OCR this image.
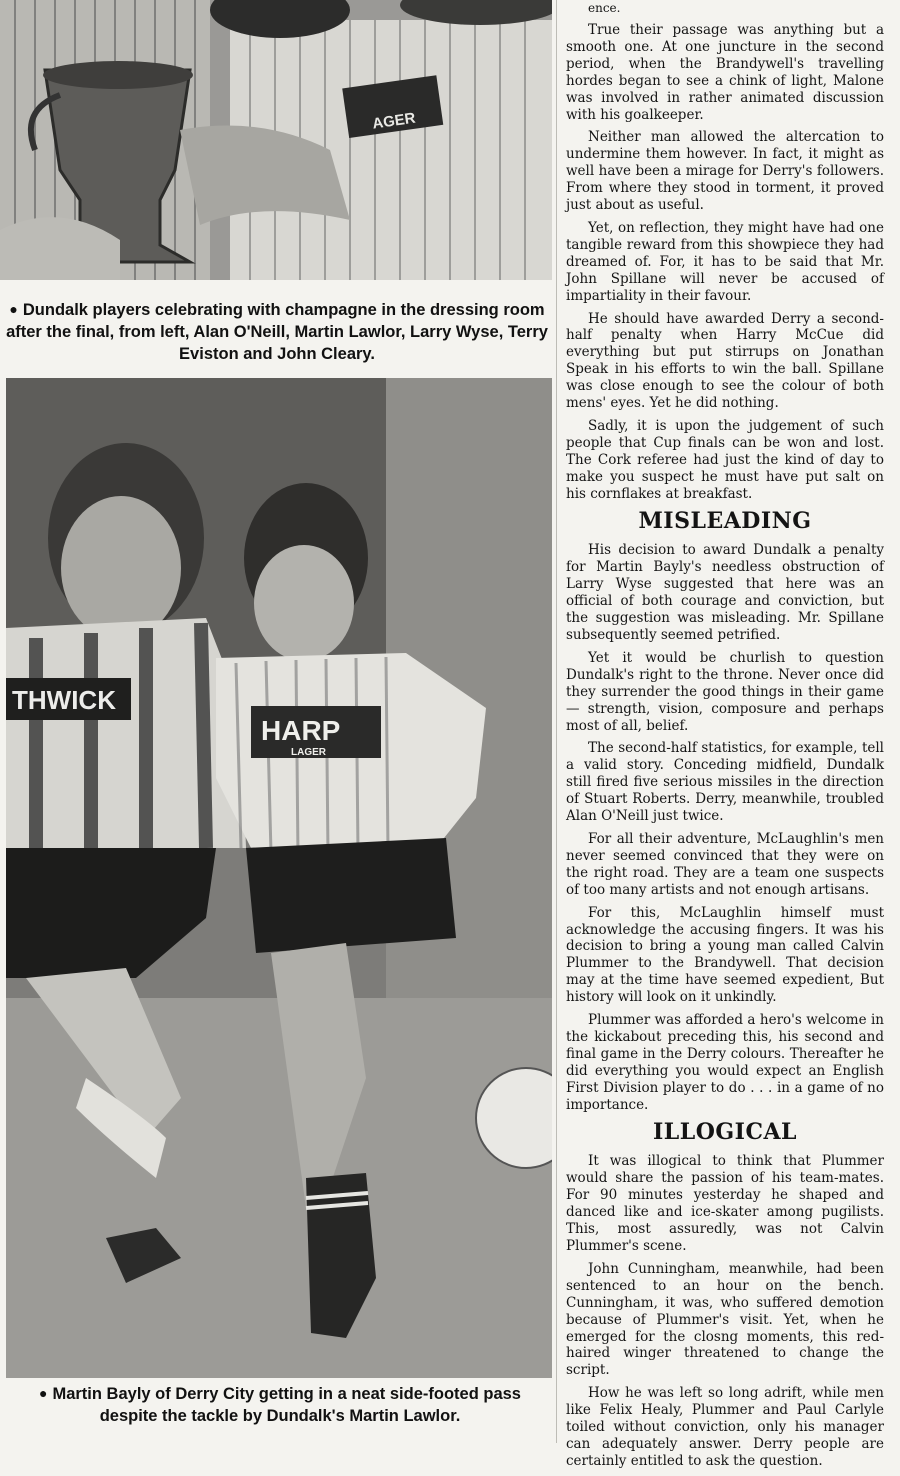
AGER
● Dundalk players celebrating with champagne in the dressing room after the final, from left, Alan O'Neill, Martin Lawlor, Larry Wyse, Terry Eviston and John Cleary.
THWICK
HARP
LAGER
● Martin Bayly of Derry City getting in a neat side-footed pass despite the tackle by Dundalk's Martin Lawlor.

ence.

True their passage was anything but a smooth one. At one juncture in the second period, when the Brandywell's travelling hordes began to see a chink of light, Malone was involved in rather animated discussion with his goalkeeper.

Neither man allowed the altercation to undermine them however. In fact, it might as well have been a mirage for Derry's followers. From where they stood in torment, it proved just about as useful.

Yet, on reflection, they might have had one tangible reward from this showpiece they had dreamed of. For, it has to be said that Mr. John Spillane will never be accused of impartiality in their favour.

He should have awarded Derry a second-half penalty when Harry McCue did everything but put stirrups on Jonathan Speak in his efforts to win the ball. Spillane was close enough to see the colour of both mens' eyes. Yet he did nothing.

Sadly, it is upon the judgement of such people that Cup finals can be won and lost. The Cork referee had just the kind of day to make you suspect he must have put salt on his cornflakes at breakfast.

MISLEADING

His decision to award Dundalk a penalty for Martin Bayly's needless obstruction of Larry Wyse suggested that here was an official of both courage and conviction, but the suggestion was misleading. Mr. Spillane subsequently seemed petrified.

Yet it would be churlish to question Dundalk's right to the throne. Never once did they surrender the good things in their game — strength, vision, composure and perhaps most of all, belief.

The second-half statistics, for example, tell a valid story. Conceding midfield, Dundalk still fired five serious missiles in the direction of Stuart Roberts. Derry, meanwhile, troubled Alan O'Neill just twice.

For all their adventure, McLaughlin's men never seemed convinced that they were on the right road. They are a team one suspects of too many artists and not enough artisans.

For this, McLaughlin himself must acknowledge the accusing fingers. It was his decision to bring a young man called Calvin Plummer to the Brandywell. That decision may at the time have seemed expedient, But history will look on it unkindly.

Plummer was afforded a hero's welcome in the kickabout preceding this, his second and final game in the Derry colours. Thereafter he did everything you would expect an English First Division player to do . . . in a game of no importance.

ILLOGICAL

It was illogical to think that Plummer would share the passion of his team-mates. For 90 minutes yesterday he shaped and danced like and ice-skater among pugilists. This, most assuredly, was not Calvin Plummer's scene.

John Cunningham, meanwhile, had been sentenced to an hour on the bench. Cunningham, it was, who suffered demotion because of Plummer's visit. Yet, when he emerged for the closng moments, this red-haired winger threatened to change the script.

How he was left so long adrift, while men like Felix Healy, Plummer and Paul Carlyle toiled without conviction, only his manager can adequately answer. Derry people are certainly entitled to ask the question.
